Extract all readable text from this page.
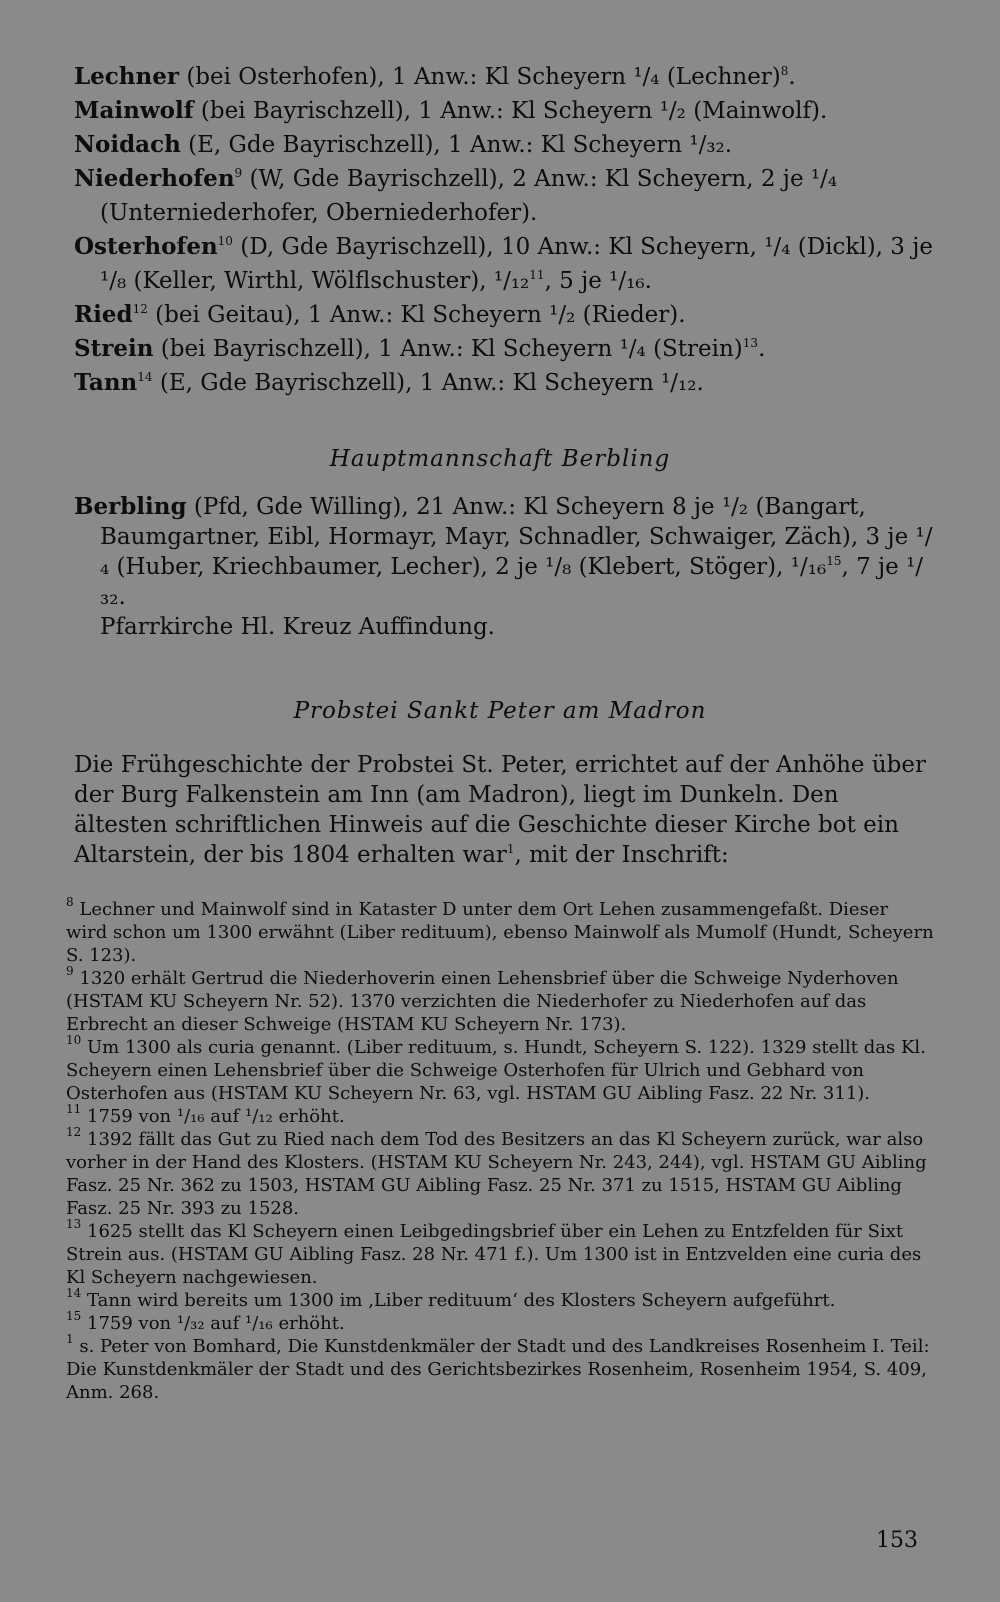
Lechner (bei Osterhofen), 1 Anw.: Kl Scheyern ¹/₄ (Lechner)$^8$.
Mainwolf (bei Bayrischzell), 1 Anw.: Kl Scheyern ¹/₂ (Mainwolf).
Noidach (E, Gde Bayrischzell), 1 Anw.: Kl Scheyern ¹/₃₂.
Niederhofen$^9$ (W, Gde Bayrischzell), 2 Anw.: Kl Scheyern, 2 je ¹/₄ (Unterniederhofer, Oberniederhofer).
Osterhofen$^{10}$ (D, Gde Bayrischzell), 10 Anw.: Kl Scheyern, ¹/₄ (Dickl), 3 je ¹/₈ (Keller, Wirthl, Wölflschuster), ¹/₁₂$^{11}$, 5 je ¹/₁₆.
Ried$^{12}$ (bei Geitau), 1 Anw.: Kl Scheyern ¹/₂ (Rieder).
Strein (bei Bayrischzell), 1 Anw.: Kl Scheyern ¹/₄ (Strein)$^{13}$.
Tann$^{14}$ (E, Gde Bayrischzell), 1 Anw.: Kl Scheyern ¹/₁₂.
Hauptmannschaft Berbling
Berbling (Pfd, Gde Willing), 21 Anw.: Kl Scheyern 8 je ¹/₂ (Bangart, Baumgartner, Eibl, Hormayr, Mayr, Schnadler, Schwaiger, Zäch), 3 je ¹/₄ (Huber, Kriechbaumer, Lecher), 2 je ¹/₈ (Klebert, Stöger), ¹/₁₆$^{15}$, 7 je ¹/₃₂.
Pfarrkirche Hl. Kreuz Auffindung.
Probstei Sankt Peter am Madron
Die Frühgeschichte der Probstei St. Peter, errichtet auf der Anhöhe über der Burg Falkenstein am Inn (am Madron), liegt im Dunkeln. Den ältesten schriftlichen Hinweis auf die Geschichte dieser Kirche bot ein Altarstein, der bis 1804 erhalten war$^1$, mit der Inschrift:

$^8$ Lechner und Mainwolf sind in Kataster D unter dem Ort Lehen zusammengefaßt. Dieser wird schon um 1300 erwähnt (Liber redituum), ebenso Mainwolf als Mumolf (Hundt, Scheyern S. 123).

$^9$ 1320 erhält Gertrud die Niederhoverin einen Lehensbrief über die Schweige Nyderhoven (HSTAM KU Scheyern Nr. 52). 1370 verzichten die Niederhofer zu Niederhofen auf das Erbrecht an dieser Schweige (HSTAM KU Scheyern Nr. 173).

$^{10}$ Um 1300 als curia genannt. (Liber redituum, s. Hundt, Scheyern S. 122). 1329 stellt das Kl. Scheyern einen Lehensbrief über die Schweige Osterhofen für Ulrich und Gebhard von Osterhofen aus (HSTAM KU Scheyern Nr. 63, vgl. HSTAM GU Aibling Fasz. 22 Nr. 311).

$^{11}$ 1759 von ¹/₁₆ auf ¹/₁₂ erhöht.

$^{12}$ 1392 fällt das Gut zu Ried nach dem Tod des Besitzers an das Kl Scheyern zurück, war also vorher in der Hand des Klosters. (HSTAM KU Scheyern Nr. 243, 244), vgl. HSTAM GU Aibling Fasz. 25 Nr. 362 zu 1503, HSTAM GU Aibling Fasz. 25 Nr. 371 zu 1515, HSTAM GU Aibling Fasz. 25 Nr. 393 zu 1528.

$^{13}$ 1625 stellt das Kl Scheyern einen Leibgedingsbrief über ein Lehen zu Entzfelden für Sixt Strein aus. (HSTAM GU Aibling Fasz. 28 Nr. 471 f.). Um 1300 ist in Entzvelden eine curia des Kl Scheyern nachgewiesen.

$^{14}$ Tann wird bereits um 1300 im ‚Liber redituum‘ des Klosters Scheyern aufgeführt.

$^{15}$ 1759 von ¹/₃₂ auf ¹/₁₆ erhöht.

$^1$ s. Peter von Bomhard, Die Kunstdenkmäler der Stadt und des Landkreises Rosenheim I. Teil: Die Kunstdenkmäler der Stadt und des Gerichtsbezirkes Rosenheim, Rosenheim 1954, S. 409, Anm. 268.

153
